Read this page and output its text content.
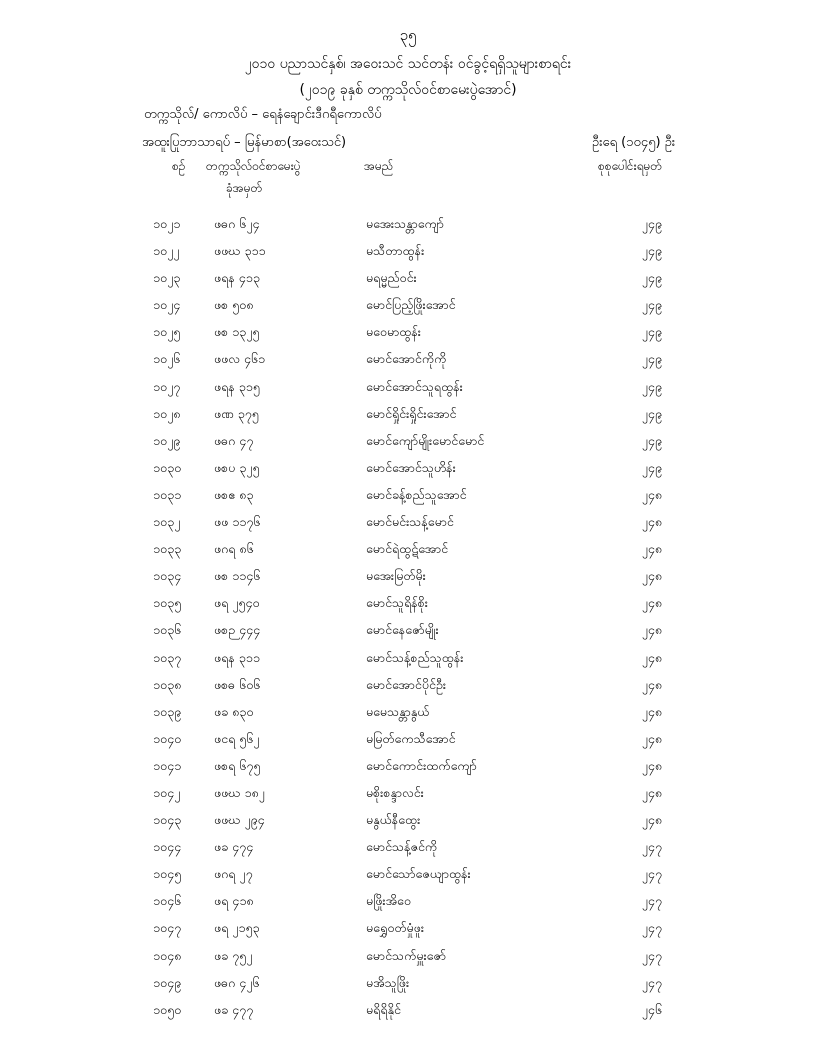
၃၅
၂၀၁၀ ပညာသင်နှစ်၊ အဝေးသင် သင်တန်း ဝင်ခွင့်ရရှိသူများစာရင်း
(၂၀၁၉ ခုနှစ် တက္ကသိုလ်ဝင်စာမေးပွဲအောင်)
တက္ကသိုလ်/ ကောလိပ် – ရေနံချောင်းဒီဂရီကောလိပ်
အထူးပြုဘာသာရပ် – မြန်မာစာ(အဝေးသင်)	ဦးရေ (၁၀၄၅) ဦး
စဉ် တက္ကသိုလ်ဝင်စာမေးပွဲ
ခုံအမှတ်
အမည်	စုစုပေါင်းရမှတ်
၁၀၂၁	ဖဓဂ ၆၂၄	မအေးသန္တာကျော်	၂၄၉
၁၀၂၂	ဖဖဃ ၃၁၁	မသီတာထွန်း	၂၄၉
၁၀၂၃	ဖရန ၄၁၃	မရမ္မည်ဝင်း	၂၄၉
၁၀၂၄	ဖစ ၅၀၈	မောင်ပြည့်ဖြိုးအောင်	၂၄၉
၁၀၂၅	ဖစ ၁၃၂၅	မဝေမာထွန်း	၂၄၉
၁၀၂၆	ဖဖလ ၄၆၁	မောင်အောင်ကိုကို	၂၄၉
၁၀၂၇	ဖရန ၃၁၅	မောင်အောင်သူရထွန်း	၂၄၉
၁၀၂၈	ဖဏ ၃၇၅	မောင်ရှိုင်းရှိုင်းအောင်	၂၄၉
၁၀၂၉	ဖဓဂ ၄၇	မောင်ကျော်မျိုးမောင်မောင်	၂၄၉
၁၀၃၀	ဖစပ ၃၂၅	မောင်အောင်သူဟိန်း	၂၄၉
၁၀၃၁	ဖစဧ ၈၃	မောင်ခန့်စည်သူအောင်	၂၄၈
၁၀၃၂	ဖဖ ၁၁၇၆	မောင်မင်းသန့်မောင်	၂၄၈
၁၀၃၃	ဖဂရ ၈၆	မောင်ရဲထွဋ်အောင်	၂၄၈
၁၀၃၄	ဖစ ၁၁၄၆	မအေးမြတ်မိုး	၂၄၈
၁၀၃၅	ဖရ ၂၅၄၀	မောင်သူရိန်စိုး	၂၄၈
၁၀၃၆	ဖစဉ ၄၄၄	မောင်နေဇော်မျိုး	၂၄၈
၁၀၃၇	ဖရန ၃၁၁	မောင်သန့်စည်သူထွန်း	၂၄၈
၁၀၃၈	ဖစဓ ၆၀၆	မောင်အောင်ပိုင်ဦး	၂၄၈
၁၀၃၉	ဖခ ၈၃၀	မမေသန္တာနွယ်	၂၄၈
၁၀၄၀	ဖငရ ၅၆၂	မမြတ်ကေသီအောင်	၂၄၈
၁၀၄၁	ဖစရ ၆၇၅	မောင်ကောင်းထက်ကျော်	၂၄၈
၁၀၄၂	ဖဖဃ ၁၈၂	မစိုးစန္ဒာလင်း	၂၄၈
၁၀၄၃	ဖဖဃ ၂၉၄	မနွယ်နီထွေး	၂၄၈
၁၀၄၄	ဖခ ၄၇၄	မောင်သန့်ဇင်ကို	၂၄၇
၁၀၄၅	ဖဂရ ၂၇	မောင်သော်ဇေယျာထွန်း	၂၄၇
၁၀၄၆	ဖရ ၄၁၈	မဖြိုးအိဝေ	၂၄၇
၁၀၄၇	ဖရ ၂၁၅၃	မရွှေဝတ်မှုံဖူး	၂၄၇
၁၀၄၈	ဖခ ၇၅၂	မောင်သက်မှူးဇော်	၂၄၇
၁၀၄၉	ဖဓဂ ၄၂၆	မအိသူဖြိုး	၂၄၇
၁၀၅၀	ဖခ ၄၇၇	မရိရိနိုင်	၂၄၆
